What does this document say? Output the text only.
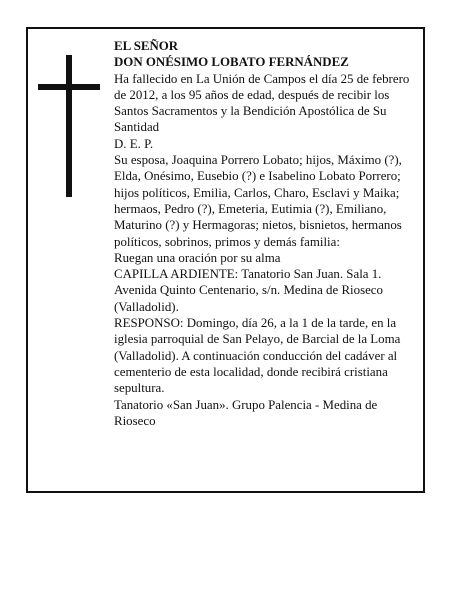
EL SEÑOR

DON ONÉSIMO LOBATO FERNÁNDEZ

Ha fallecido en La Unión de Campos el día 25 de febrero de 2012, a los 95 años de edad, después de recibir los Santos Sacramentos y la Bendición Apostólica de Su Santidad

D. E. P.

Su esposa, Joaquina Porrero Lobato; hijos, Máximo (?), Elda, Onésimo, Eusebio (?) e Isabelino Lobato Porrero; hijos políticos, Emilia, Carlos, Charo, Esclavi y Maika; hermaos, Pedro (?), Emeteria, Eutimia (?), Emiliano, Maturino (?) y Hermagoras; nietos, bisnietos, hermanos políticos, sobrinos, primos y demás familia:

Ruegan una oración por su alma

CAPILLA ARDIENTE: Tanatorio San Juan. Sala 1. Avenida Quinto Centenario, s/n. Medina de Rioseco (Valladolid).

RESPONSO: Domingo, día 26, a la 1 de la tarde, en la iglesia parroquial de San Pelayo, de Barcial de la Loma (Valladolid). A continuación conducción del cadáver al cementerio de esta localidad, donde recibirá cristiana sepultura.

Tanatorio «San Juan». Grupo Palencia - Medina de Rioseco
